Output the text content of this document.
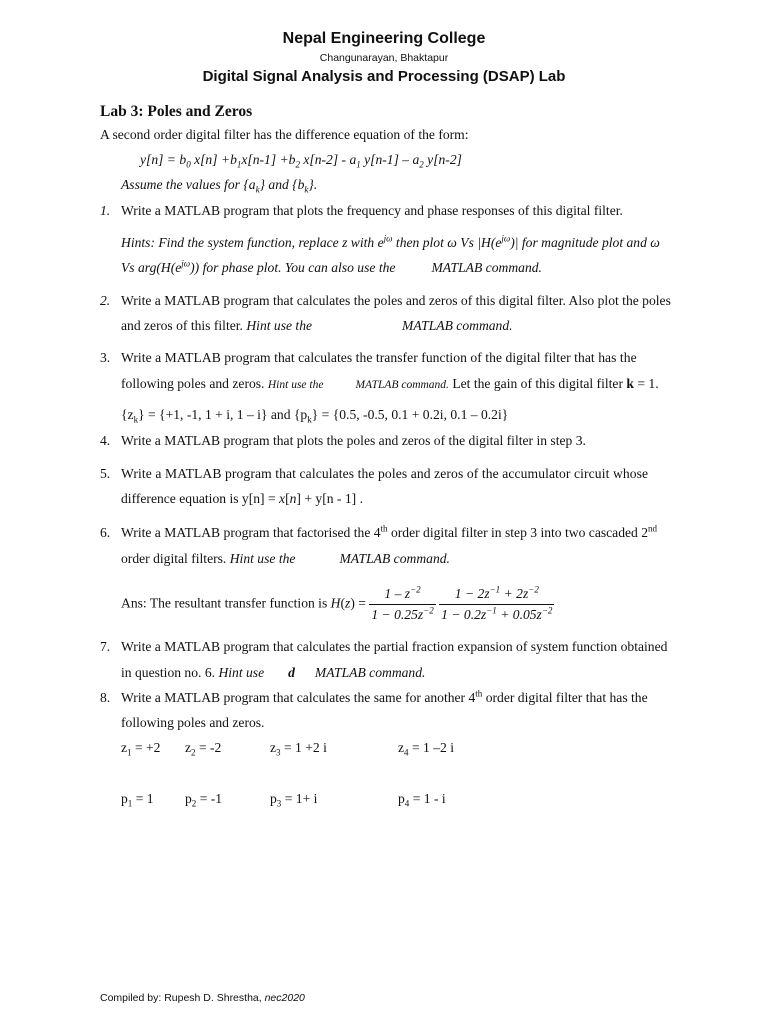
Nepal Engineering College
Changunarayan, Bhaktapur
Digital Signal Analysis and Processing (DSAP) Lab
Lab 3: Poles and Zeros
A second order digital filter has the difference equation of the form:
$y[n] = b_0$ $x[n] +b_1x[n-1] +b_2$ $x[n-2] - a_1$ $y[n-1] - a_2$ y[n-2]
Assume the values for $\{a_k\}$ and $\{b_k\}$.
1. Write a MATLAB program that plots the frequency and phase responses of this digital filter.
Hints: Find the system function, replace z with $e^{j\omega}$ then plot ω Vs $|H(e^{j\omega})|$ for magnitude plot and ω
Vs $arg(H(e^{j\omega}))$ for phase plot. You can also use the	MATLAB command.
2. Write a MATLAB program that calculates the poles and zeros of this digital filter. Also plot the poles
and zeros of this filter. Hint use the	MATLAB command.
3. Write a MATLAB program that calculates the transfer function of the digital filter that has the
following poles and zeros. Hint use the	MATLAB command. Let the gain of this digital filter k = 1.
$\{z_k\} = \{+1$, -1, 1 + i, 1 – i} and $\{p_k\} = \{0.5$, -0.5, 0.1 + 0.2i, 0.1 – 0.2i}
4. Write a MATLAB program that plots the poles and zeros of the digital filter in step 3.
5. Write a MATLAB program that calculates the poles and zeros of the accumulator circuit whose
difference equation is y[n] = x[n] + y[n - 1] .
6. Write a MATLAB program that factorised the 4th order digital filter in step 3 into two cascaded 2nd
order digital filters. Hint use the	MATLAB command.
Ans: The resultant transfer function is $H(z) = \frac{1 - z^{-2}}{1 - 0.25z^{-2}}$
$\frac{1 - 2z^{-1} + 2z^{-2}}{1 - 0.2z^{-1} + 0.05z^{-2}}$
7. Write a MATLAB program that calculates the partial fraction expansion of system function obtained
in question no. 6. Hint use d MATLAB command.
8. Write a MATLAB program that calculates the same for another 4th order digital filter that has the
following poles and zeros.
$z_1 = +2$ $z_2 = -2$	$z_3 = 1 +2$ i	$z_4 = 1$ –2 i
$p_1 = 1$ $p_2 = -1$	$p_3 = 1+ i$	$p_4 = 1 - i$
Compiled by: Rupesh D. Shrestha, nec2020
